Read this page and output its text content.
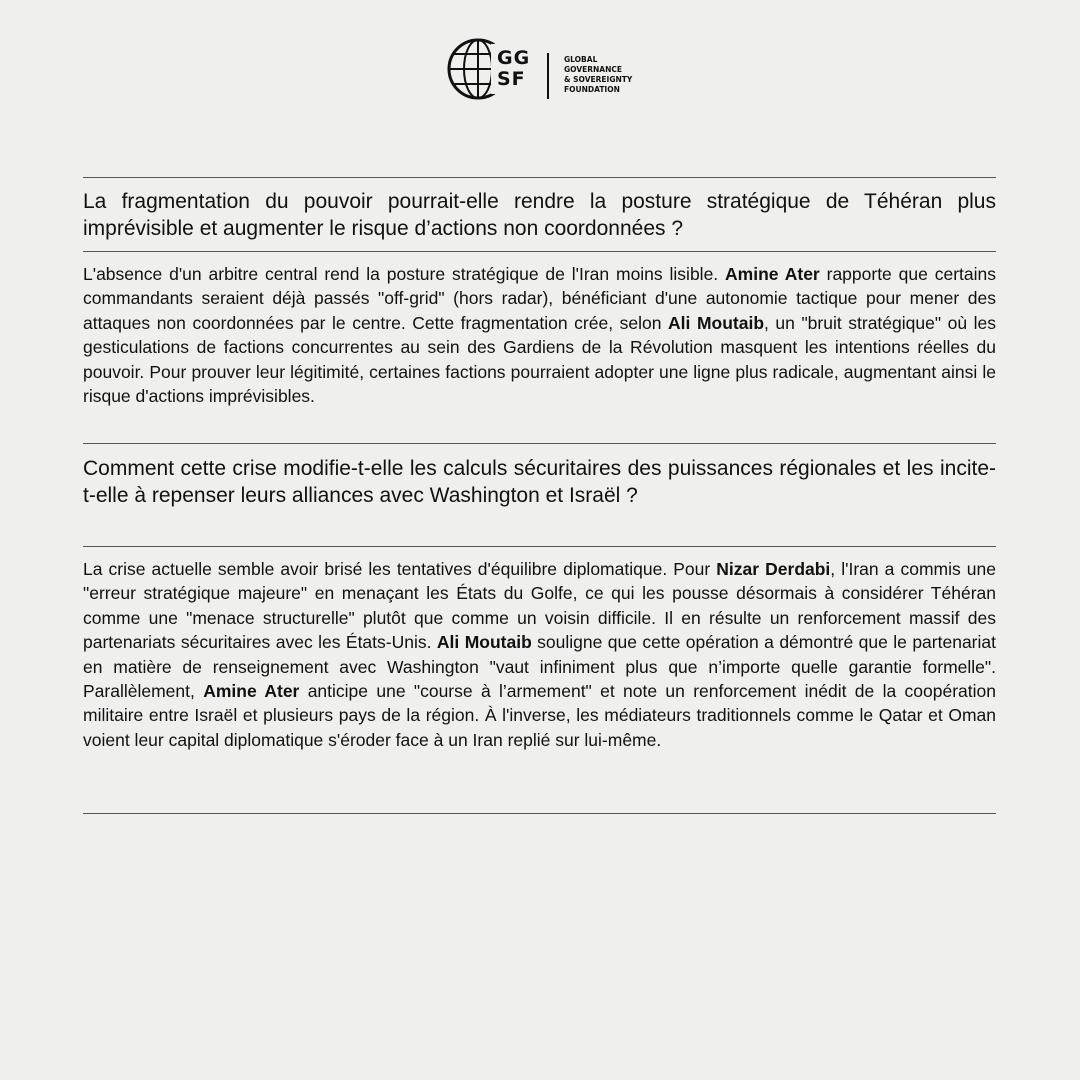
GG
SF
GLOBAL
GOVERNANCE
& SOVEREIGNTY
FOUNDATION
La fragmentation du pouvoir pourrait-elle rendre la posture stratégique de Téhéran plus imprévisible et augmenter le risque d’actions non coordonnées ?
L'absence d'un arbitre central rend la posture stratégique de l'Iran moins lisible. Amine Ater rapporte que certains commandants seraient déjà passés "off-grid" (hors radar), bénéficiant d'une autonomie tactique pour mener des attaques non coordonnées par le centre. Cette fragmentation crée, selon Ali Moutaib, un "bruit stratégique" où les gesticulations de factions concurrentes au sein des Gardiens de la Révolution masquent les intentions réelles du pouvoir. Pour prouver leur légitimité, certaines factions pourraient adopter une ligne plus radicale, augmentant ainsi le risque d'actions imprévisibles.
Comment cette crise modifie-t-elle les calculs sécuritaires des puissances régionales et les incite-t-elle à repenser leurs alliances avec Washington et Israël ?
La crise actuelle semble avoir brisé les tentatives d'équilibre diplomatique. Pour Nizar Derdabi, l'Iran a commis une "erreur stratégique majeure" en menaçant les États du Golfe, ce qui les pousse désormais à considérer Téhéran comme une "menace structurelle" plutôt que comme un voisin difficile. Il en résulte un renforcement massif des partenariats sécuritaires avec les États-Unis. Ali Moutaib souligne que cette opération a démontré que le partenariat en matière de renseignement avec Washington "vaut infiniment plus que n’importe quelle garantie formelle". Parallèlement, Amine Ater anticipe une "course à l’armement" et note un renforcement inédit de la coopération militaire entre Israël et plusieurs pays de la région. À l'inverse, les médiateurs traditionnels comme le Qatar et Oman voient leur capital diplomatique s'éroder face à un Iran replié sur lui-même.
